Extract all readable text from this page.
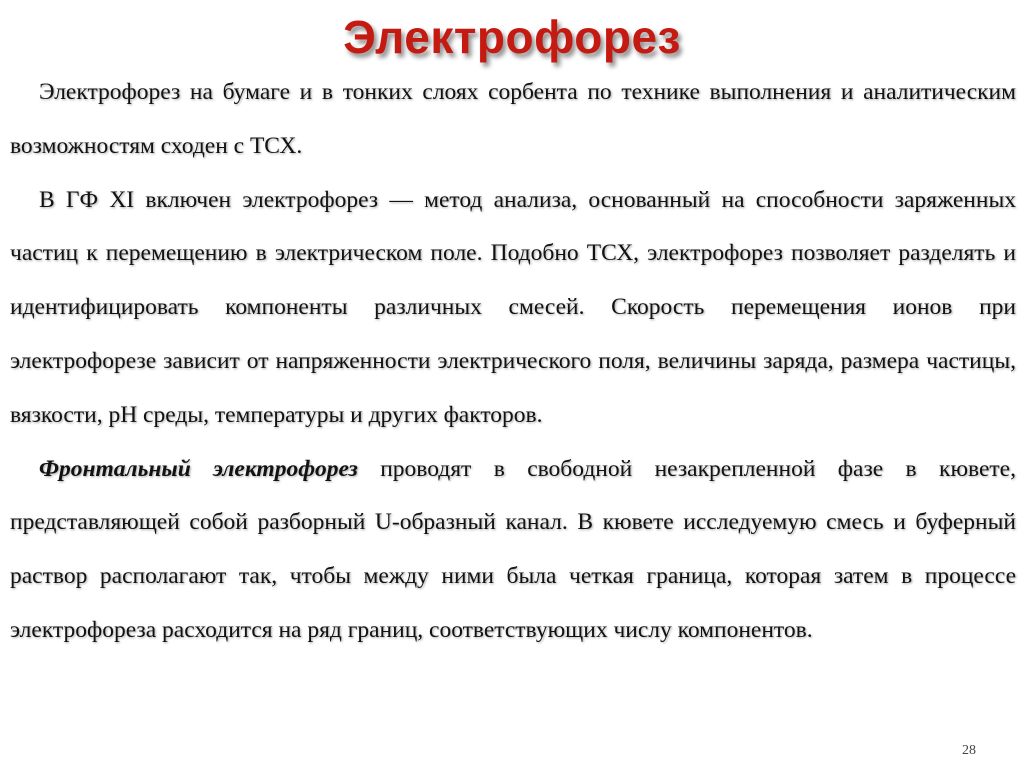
Электрофорез

Электрофорез на бумаге и в тонких слоях сорбента по технике выполнения и аналитическим возможностям сходен с ТСХ.

В ГФ XI включен электрофорез — метод анализа, основанный на способности заряженных частиц к перемещению в электрическом поле. Подобно ТСХ, электрофорез позволяет разделять и идентифицировать компоненты различных смесей. Скорость перемещения ионов при электрофорезе зависит от напряженности электрического поля, величины заряда, размера частицы, вязкости, рН среды, температуры и других факторов.

Фронтальный электрофорез проводят в свободной незакрепленной фазе в кювете, представляющей собой разборный U-образный канал. В кювете исследуемую смесь и буферный раствор располагают так, чтобы между ними была четкая граница, которая затем в процессе электрофореза расходится на ряд границ, соответствующих числу компонентов.

28
